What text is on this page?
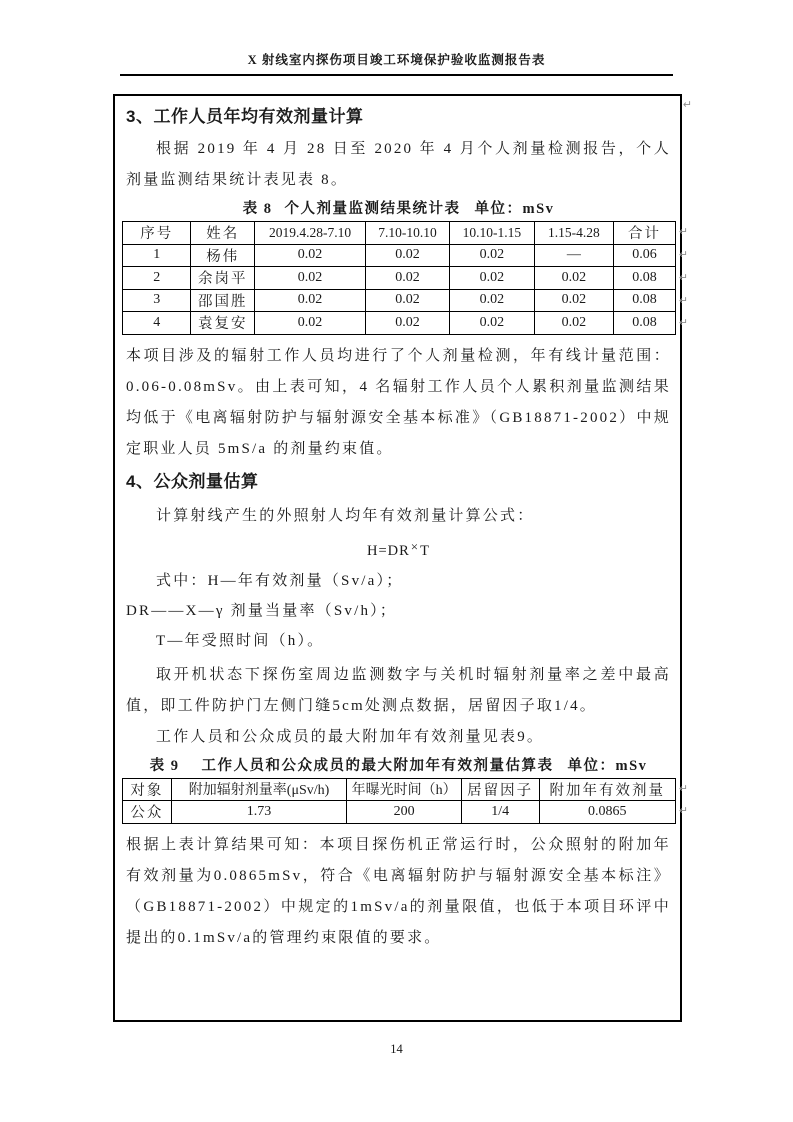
X 射线室内探伤项目竣工环境保护验收监测报告表
↵
3、工作人员年均有效剂量计算

根据 2019 年 4 月 28 日至 2020 年 4 月个人剂量检测报告，个人剂量监测结果统计表见表 8。

表 8 个人剂量监测结果统计表 单位：mSv
序号	姓名	2019.4.28-7.10	7.10-10.10	10.10-1.15	1.15-4.28	合计
1	杨伟	0.02	0.02	0.02	—	0.06
2	余岗平	0.02	0.02	0.02	0.02	0.08
3	邵国胜	0.02	0.02	0.02	0.02	0.08
4	袁复安	0.02	0.02	0.02	0.02	0.08
↵
↵
↵
↵
↵

本项目涉及的辐射工作人员均进行了个人剂量检测，年有线计量范围：0.06-0.08mSv。由上表可知，4 名辐射工作人员个人累积剂量监测结果均低于《电离辐射防护与辐射源安全基本标准》（GB18871-2002）中规定职业人员 5mS/a 的剂量约束值。

4、公众剂量估算

计算射线产生的外照射人均年有效剂量计算公式：

H=DR×T

式中：H—年有效剂量（Sv/a）；

DR——X—γ 剂量当量率（Sv/h）；

T—年受照时间（h）。

取开机状态下探伤室周边监测数字与关机时辐射剂量率之差中最高值，即工件防护门左侧门缝5cm处测点数据，居留因子取1/4。

工作人员和公众成员的最大附加年有效剂量见表9。

表 9 工作人员和公众成员的最大附加年有效剂量估算表 单位：mSv
对象	附加辐射剂量率(μSv/h)	年曝光时间（h）	居留因子	附加年有效剂量
公众	1.73	200	1/4	0.0865
↵
↵

根据上表计算结果可知：本项目探伤机正常运行时，公众照射的附加年有效剂量为0.0865mSv，符合《电离辐射防护与辐射源安全基本标注》（GB18871-2002）中规定的1mSv/a的剂量限值，也低于本项目环评中提出的0.1mSv/a的管理约束限值的要求。

14
